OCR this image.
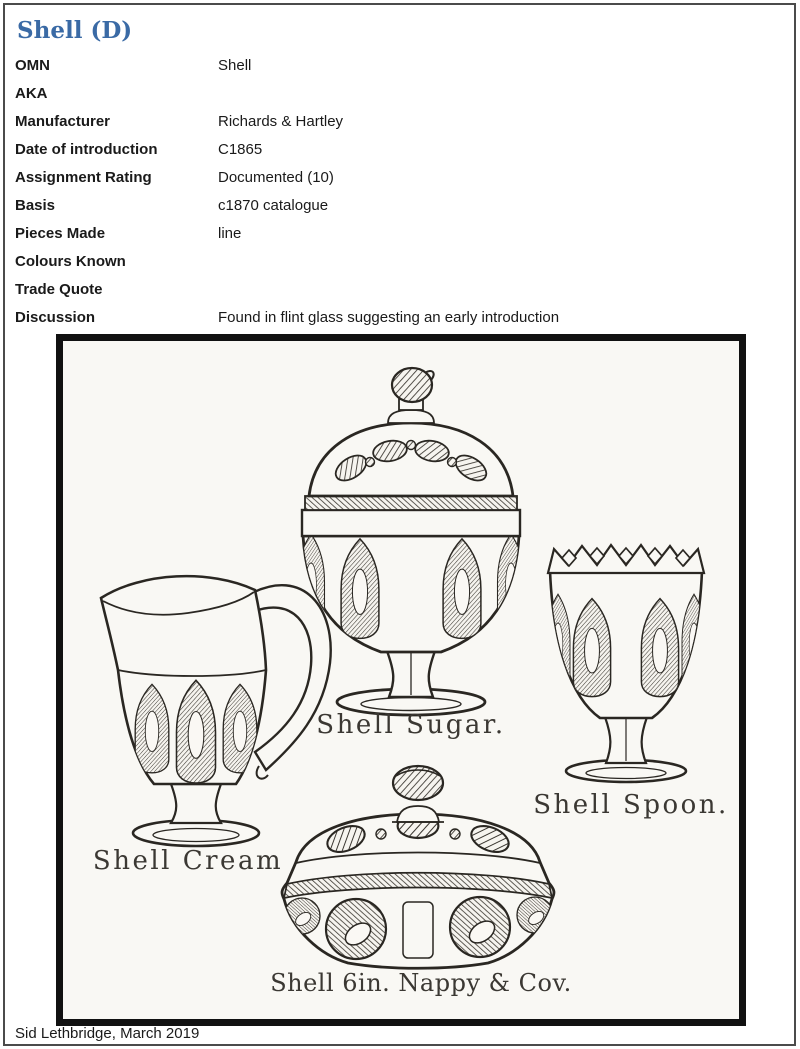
Shell (D)
OMN	Shell
AKA
Manufacturer	Richards & Hartley
Date of introduction	C1865
Assignment Rating	Documented (10)
Basis	c1870 catalogue
Pieces Made	line
Colours Known
Trade Quote
Discussion	Found in flint glass suggesting an early introduction
Shell Sugar.
Shell Spoon.
Shell Cream
Shell 6in. Nappy & Cov.
Sid Lethbridge, March 2019
